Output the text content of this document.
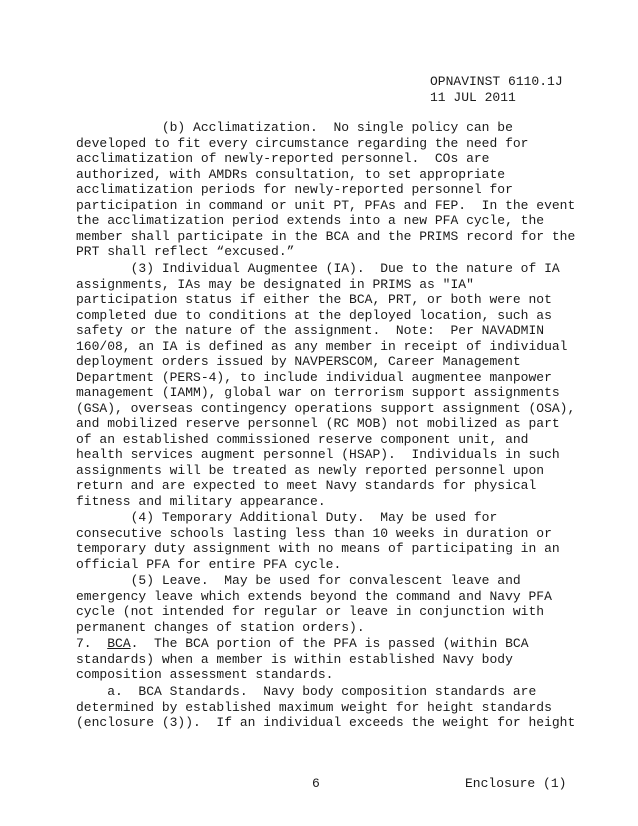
OPNAVINST 6110.1J
11 JUL 2011
(b) Acclimatization.  No single policy can be
developed to fit every circumstance regarding the need for
acclimatization of newly-reported personnel.  COs are
authorized, with AMDRs consultation, to set appropriate
acclimatization periods for newly-reported personnel for
participation in command or unit PT, PFAs and FEP.  In the event
the acclimatization period extends into a new PFA cycle, the
member shall participate in the BCA and the PRIMS record for the
PRT shall reflect “excused.”
(3) Individual Augmentee (IA).  Due to the nature of IA
assignments, IAs may be designated in PRIMS as "IA"
participation status if either the BCA, PRT, or both were not
completed due to conditions at the deployed location, such as
safety or the nature of the assignment.  Note:  Per NAVADMIN
160/08, an IA is defined as any member in receipt of individual
deployment orders issued by NAVPERSCOM, Career Management
Department (PERS-4), to include individual augmentee manpower
management (IAMM), global war on terrorism support assignments
(GSA), overseas contingency operations support assignment (OSA),
and mobilized reserve personnel (RC MOB) not mobilized as part
of an established commissioned reserve component unit, and
health services augment personnel (HSAP).  Individuals in such
assignments will be treated as newly reported personnel upon
return and are expected to meet Navy standards for physical
fitness and military appearance.
(4) Temporary Additional Duty.  May be used for
consecutive schools lasting less than 10 weeks in duration or
temporary duty assignment with no means of participating in an
official PFA for entire PFA cycle.
(5) Leave.  May be used for convalescent leave and
emergency leave which extends beyond the command and Navy PFA
cycle (not intended for regular or leave in conjunction with
permanent changes of station orders).
7.  BCA.  The BCA portion of the PFA is passed (within BCA
standards) when a member is within established Navy body
composition assessment standards.
a.  BCA Standards.  Navy body composition standards are
determined by established maximum weight for height standards
(enclosure (3)).  If an individual exceeds the weight for height
6	Enclosure (1)
